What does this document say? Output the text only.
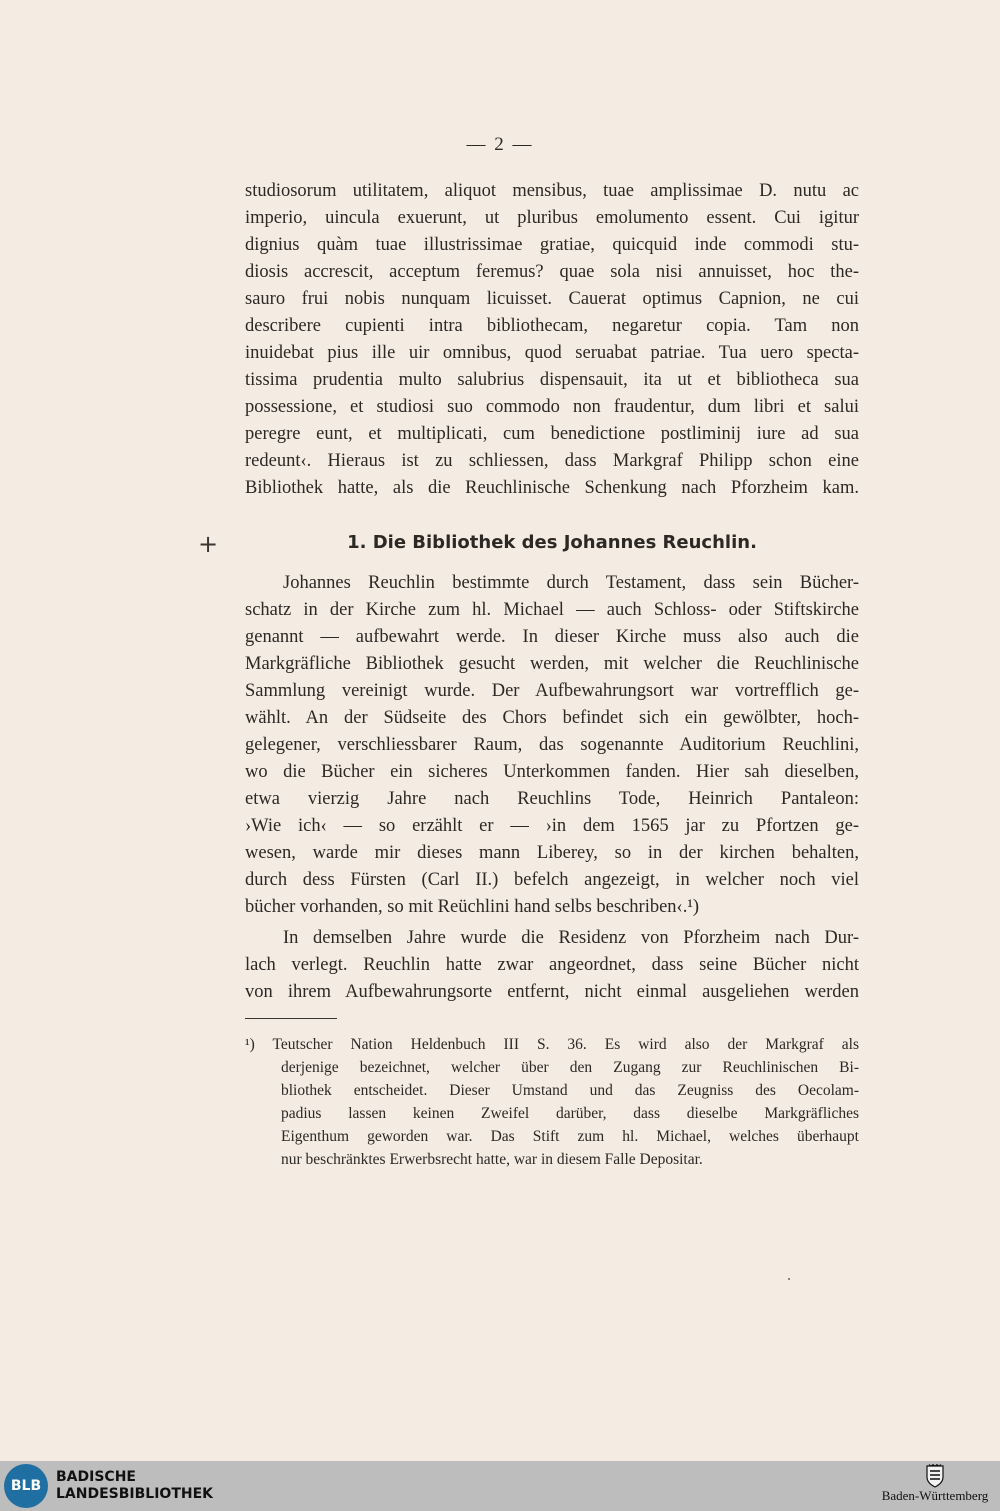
— 2 —
studiosorum utilitatem, aliquot mensibus, tuae amplissimae D. nutu ac
imperio, uincula exuerunt, ut pluribus emolumento essent. Cui igitur
dignius quàm tuae illustrissimae gratiae, quicquid inde commodi stu-
diosis accrescit, acceptum feremus? quae sola nisi annuisset, hoc the-
sauro frui nobis nunquam licuisset. Cauerat optimus Capnion, ne cui
describere cupienti intra bibliothecam, negaretur copia. Tam non
inuidebat pius ille uir omnibus, quod seruabat patriae. Tua uero specta-
tissima prudentia multo salubrius dispensauit, ita ut et bibliotheca sua
possessione, et studiosi suo commodo non fraudentur, dum libri et salui
peregre eunt, et multiplicati, cum benedictione postliminij iure ad sua
redeunt‹. Hieraus ist zu schliessen, dass Markgraf Philipp schon eine
Bibliothek hatte, als die Reuchlinische Schenkung nach Pforzheim kam.
+	1. Die Bibliothek des Johannes Reuchlin.
Johannes Reuchlin bestimmte durch Testament, dass sein Bücher-
schatz in der Kirche zum hl. Michael — auch Schloss- oder Stiftskirche
genannt — aufbewahrt werde. In dieser Kirche muss also auch die
Markgräfliche Bibliothek gesucht werden, mit welcher die Reuchlinische
Sammlung vereinigt wurde. Der Aufbewahrungsort war vortrefflich ge-
wählt. An der Südseite des Chors befindet sich ein gewölbter, hoch-
gelegener, verschliessbarer Raum, das sogenannte Auditorium Reuchlini,
wo die Bücher ein sicheres Unterkommen fanden. Hier sah dieselben,
etwa vierzig Jahre nach Reuchlins Tode, Heinrich Pantaleon:
›Wie ich‹ — so erzählt er — ›in dem 1565 jar zu Pfortzen ge-
wesen, warde mir dieses mann Liberey, so in der kirchen behalten,
durch dess Fürsten (Carl II.) befelch angezeigt, in welcher noch viel
bücher vorhanden, so mit Reüchlini hand selbs beschriben‹.¹)
In demselben Jahre wurde die Residenz von Pforzheim nach Dur-
lach verlegt. Reuchlin hatte zwar angeordnet, dass seine Bücher nicht
von ihrem Aufbewahrungsorte entfernt, nicht einmal ausgeliehen werden
¹) Teutscher Nation Heldenbuch III S. 36. Es wird also der Markgraf als
derjenige bezeichnet, welcher über den Zugang zur Reuchlinischen Bi-
bliothek entscheidet. Dieser Umstand und das Zeugniss des Oecolam-
padius lassen keinen Zweifel darüber, dass dieselbe Markgräfliches
Eigenthum geworden war. Das Stift zum hl. Michael, welches überhaupt
nur beschränktes Erwerbsrecht hatte, war in diesem Falle Depositar.
BLB
BADISCHE
LANDESBIBLIOTHEK	Baden-Württemberg
